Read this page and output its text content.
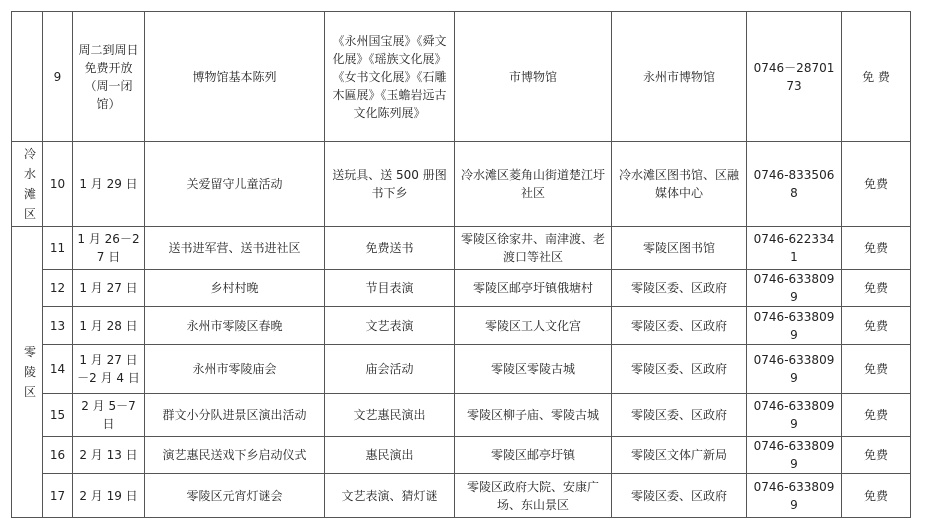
	9	周二到周日免费开放（周一闭馆）	博物馆基本陈列	《永州国宝展》《舜文化展》《瑶族文化展》《女书文化展》《石雕木匾展》《玉蟾岩远古文化陈列展》	市博物馆	永州市博物馆	0746－2870173	免 费
冷水滩区	10	1 月 29 日	关爱留守儿童活动	送玩具、送 500 册图书下乡	冷水滩区菱角山街道楚江圩社区	冷水滩区图书馆、区融媒体中心	0746-8335068	免费
零陵区	11	1 月 26－27 日	送书进军营、送书进社区	免费送书	零陵区徐家井、南津渡、老渡口等社区	零陵区图书馆	0746-6223341	免费
	12	1 月 27 日	乡村村晚	节目表演	零陵区邮亭圩镇俄塘村	零陵区委、区政府	0746-6338099	免费
	13	1 月 28 日	永州市零陵区春晚	文艺表演	零陵区工人文化宫	零陵区委、区政府	0746-6338099	免费
	14	1 月 27 日－2 月 4 日	永州市零陵庙会	庙会活动	零陵区零陵古城	零陵区委、区政府	0746-6338099	免费
	15	2 月 5－7 日	群文小分队进景区演出活动	文艺惠民演出	零陵区柳子庙、零陵古城	零陵区委、区政府	0746-6338099	免费
	16	2 月 13 日	演艺惠民送戏下乡启动仪式	惠民演出	零陵区邮亭圩镇	零陵区文体广新局	0746-6338099	免费
	17	2 月 19 日	零陵区元宵灯谜会	文艺表演、猜灯谜	零陵区政府大院、安康广场、东山景区	零陵区委、区政府	0746-6338099	免费
